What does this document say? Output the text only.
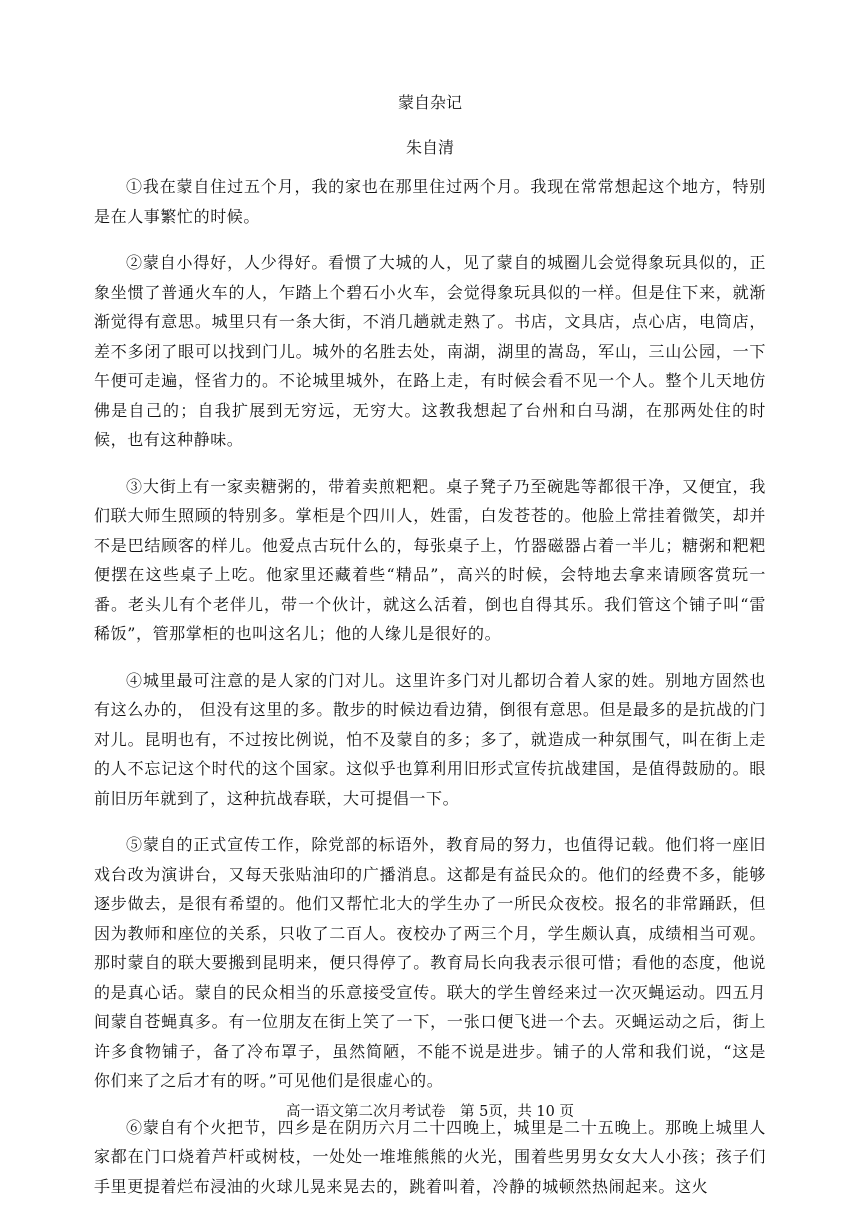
蒙自杂记
朱自清

①我在蒙自住过五个月，我的家也在那里住过两个月。我现在常常想起这个地方，特别是在人事繁忙的时候。

②蒙自小得好，人少得好。看惯了大城的人，见了蒙自的城圈儿会觉得象玩具似的，正象坐惯了普通火车的人，乍踏上个碧石小火车，会觉得象玩具似的一样。但是住下来，就渐渐觉得有意思。城里只有一条大街，不消几趟就走熟了。书店，文具店，点心店，电筒店，差不多闭了眼可以找到门儿。城外的名胜去处，南湖，湖里的嵩岛，军山，三山公园，一下午便可走遍，怪省力的。不论城里城外，在路上走，有时候会看不见一个人。整个儿天地仿佛是自己的；自我扩展到无穷远，无穷大。这教我想起了台州和白马湖，在那两处住的时候，也有这种静味。

③大街上有一家卖糖粥的，带着卖煎粑粑。桌子凳子乃至碗匙等都很干净，又便宜，我们联大师生照顾的特别多。掌柜是个四川人，姓雷，白发苍苍的。他脸上常挂着微笑，却并不是巴结顾客的样儿。他爱点古玩什么的，每张桌子上，竹器磁器占着一半儿；糖粥和粑粑便摆在这些桌子上吃。他家里还藏着些“精品”，高兴的时候，会特地去拿来请顾客赏玩一番。老头儿有个老伴儿，带一个伙计，就这么活着，倒也自得其乐。我们管这个铺子叫“雷稀饭”，管那掌柜的也叫这名儿；他的人缘儿是很好的。

④城里最可注意的是人家的门对儿。这里许多门对儿都切合着人家的姓。别地方固然也有这么办的， 但没有这里的多。散步的时候边看边猜，倒很有意思。但是最多的是抗战的门对儿。昆明也有，不过按比例说，怕不及蒙自的多；多了，就造成一种氛围气，叫在街上走的人不忘记这个时代的这个国家。这似乎也算利用旧形式宣传抗战建国，是值得鼓励的。眼前旧历年就到了，这种抗战春联，大可提倡一下。

⑤蒙自的正式宣传工作，除党部的标语外，教育局的努力，也值得记载。他们将一座旧戏台改为演讲台，又每天张贴油印的广播消息。这都是有益民众的。他们的经费不多，能够逐步做去，是很有希望的。他们又帮忙北大的学生办了一所民众夜校。报名的非常踊跃，但因为教师和座位的关系，只收了二百人。夜校办了两三个月，学生颇认真，成绩相当可观。那时蒙自的联大要搬到昆明来，便只得停了。教育局长向我表示很可惜；看他的态度，他说的是真心话。蒙自的民众相当的乐意接受宣传。联大的学生曾经来过一次灭蝇运动。四五月间蒙自苍蝇真多。有一位朋友在街上笑了一下，一张口便飞进一个去。灭蝇运动之后，街上许多食物铺子，备了冷布罩子，虽然简陋，不能不说是进步。铺子的人常和我们说，“这是你们来了之后才有的呀。”可见他们是很虚心的。

⑥蒙自有个火把节，四乡是在阴历六月二十四晚上，城里是二十五晚上。那晚上城里人家都在门口烧着芦杆或树枝，一处处一堆堆熊熊的火光，围着些男男女女大人小孩；孩子们手里更提着烂布浸油的火球儿晃来晃去的，跳着叫着，冷静的城顿然热闹起来。这火

高一语文第二次月考试卷　第 5页，共 10 页
